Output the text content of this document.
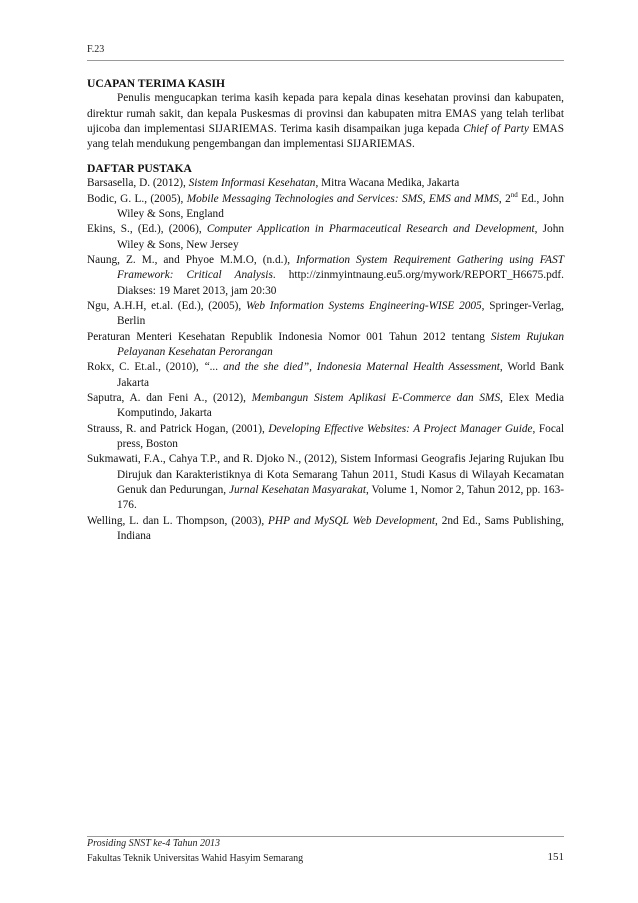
F.23

UCAPAN TERIMA KASIH

Penulis mengucapkan terima kasih kepada para kepala dinas kesehatan provinsi dan kabupaten, direktur rumah sakit, dan kepala Puskesmas di provinsi dan kabupaten mitra EMAS yang telah terlibat ujicoba dan implementasi SIJARIEMAS. Terima kasih disampaikan juga kepada Chief of Party EMAS yang telah mendukung pengembangan dan implementasi SIJARIEMAS.

DAFTAR PUSTAKA

Barsasella, D. (2012), Sistem Informasi Kesehatan, Mitra Wacana Medika, Jakarta

Bodic, G. L., (2005), Mobile Messaging Technologies and Services: SMS, EMS and MMS, 2nd Ed., John Wiley & Sons, England

Ekins, S., (Ed.), (2006), Computer Application in Pharmaceutical Research and Development, John Wiley & Sons, New Jersey

Naung, Z. M., and Phyoe M.M.O, (n.d.), Information System Requirement Gathering using FAST Framework: Critical Analysis. http://zinmyintnaung.eu5.org/mywork/REPORT_H6675.pdf. Diakses: 19 Maret 2013, jam 20:30

Ngu, A.H.H, et.al. (Ed.), (2005), Web Information Systems Engineering-WISE 2005, Springer-Verlag, Berlin

Peraturan Menteri Kesehatan Republik Indonesia Nomor 001 Tahun 2012 tentang Sistem Rujukan Pelayanan Kesehatan Perorangan

Rokx, C. Et.al., (2010), “... and the she died”, Indonesia Maternal Health Assessment, World Bank Jakarta

Saputra, A. dan Feni A., (2012), Membangun Sistem Aplikasi E-Commerce dan SMS, Elex Media Komputindo, Jakarta

Strauss, R. and Patrick Hogan, (2001), Developing Effective Websites: A Project Manager Guide, Focal press, Boston

Sukmawati, F.A., Cahya T.P., and R. Djoko N., (2012), Sistem Informasi Geografis Jejaring Rujukan Ibu Dirujuk dan Karakteristiknya di Kota Semarang Tahun 2011, Studi Kasus di Wilayah Kecamatan Genuk dan Pedurungan, Jurnal Kesehatan Masyarakat, Volume 1, Nomor 2, Tahun 2012, pp. 163-176.

Welling, L. dan L. Thompson, (2003), PHP and MySQL Web Development, 2nd Ed., Sams Publishing, Indiana

Prosiding SNST ke-4 Tahun 2013
Fakultas Teknik Universitas Wahid Hasyim Semarang	151
